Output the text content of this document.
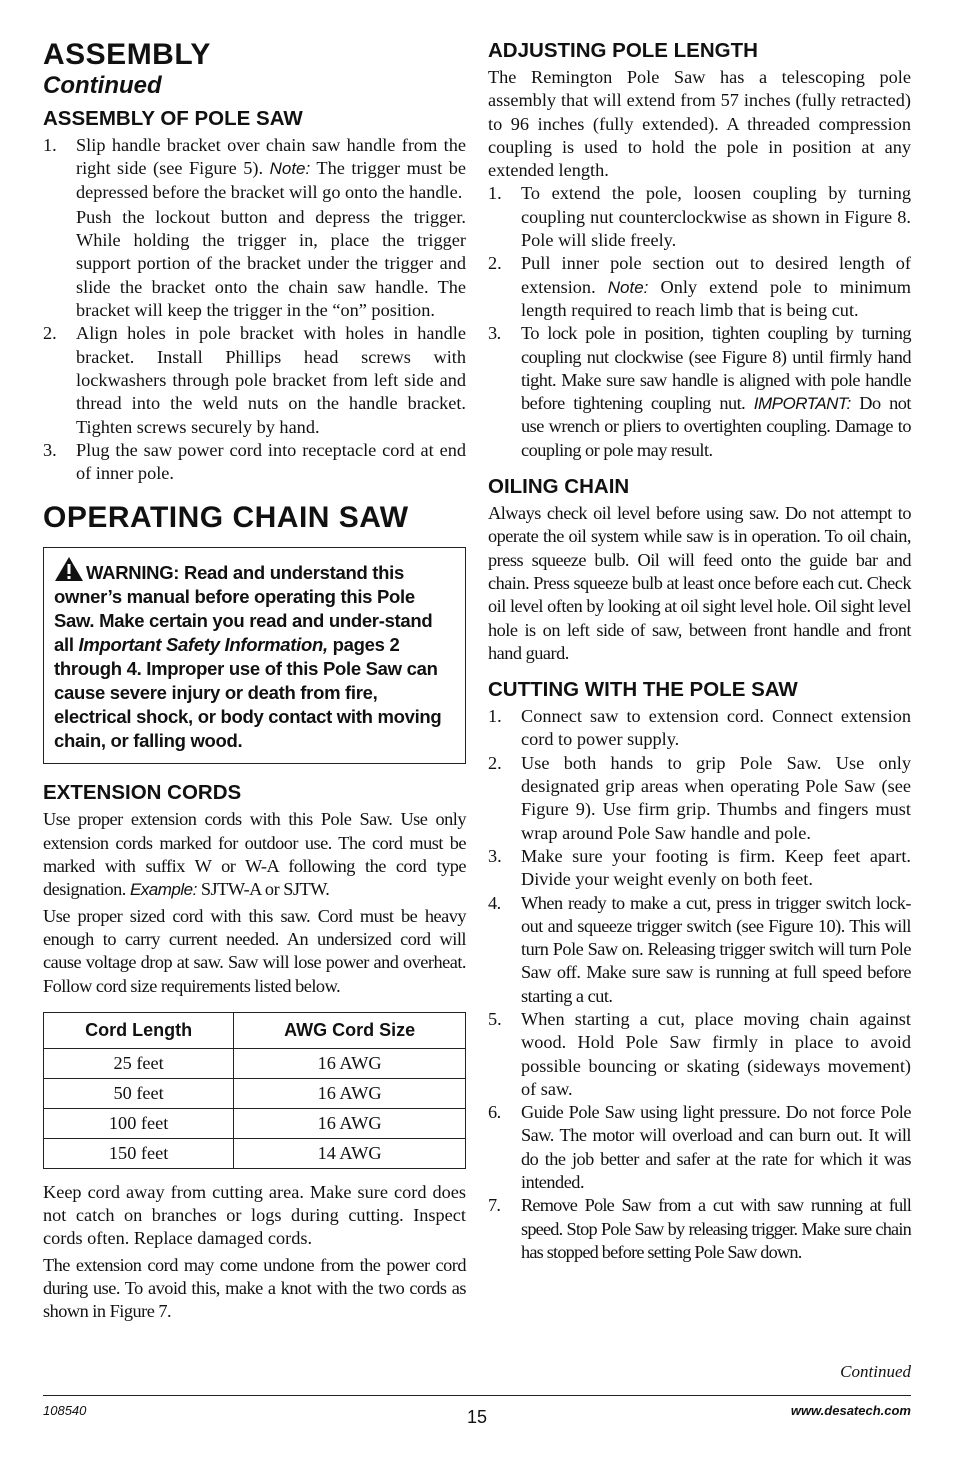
ASSEMBLY
Continued
ASSEMBLY OF POLE SAW
1. Slip handle bracket over chain saw handle from the right side (see Figure 5). Note: The trigger must be depressed before the bracket will go onto the handle.
Push the lockout button and depress the trigger. While holding the trigger in, place the trigger support portion of the bracket under the trigger and slide the bracket onto the chain saw handle. The bracket will keep the trigger in the “on” position.
2. Align holes in pole bracket with holes in handle bracket. Install Phillips head screws with lockwashers through pole bracket from left side and thread into the weld nuts on the handle bracket. Tighten screws securely by hand.
3. Plug the saw power cord into receptacle cord at end of inner pole.
OPERATING CHAIN SAW
WARNING: Read and understand this owner’s manual before operating this Pole Saw. Make certain you read and under-stand all Important Safety Information, pages 2 through 4. Improper use of this Pole Saw can cause severe injury or death from fire, electrical shock, or body contact with moving chain, or falling wood.
EXTENSION CORDS

Use proper extension cords with this Pole Saw. Use only extension cords marked for outdoor use. The cord must be marked with suffix W or W-A following the cord type designation. Example: SJTW-A or SJTW.

Use proper sized cord with this saw. Cord must be heavy enough to carry current needed. An undersized cord will cause voltage drop at saw. Saw will lose power and overheat. Follow cord size requirements listed below.

Cord Length	AWG Cord Size
25 feet	16 AWG
50 feet	16 AWG
100 feet	16 AWG
150 feet	14 AWG

Keep cord away from cutting area. Make sure cord does not catch on branches or logs during cutting. Inspect cords often. Replace damaged cords.

The extension cord may come undone from the power cord during use. To avoid this, make a knot with the two cords as shown in Figure 7.

ADJUSTING POLE LENGTH

The Remington Pole Saw has a telescoping pole assembly that will extend from 57 inches (fully retracted) to 96 inches (fully extended). A threaded compression coupling is used to hold the pole in position at any extended length.

1. To extend the pole, loosen coupling by turning coupling nut counterclockwise as shown in Figure 8. Pole will slide freely.
2. Pull inner pole section out to desired length of extension. Note: Only extend pole to minimum length required to reach limb that is being cut.
3. To lock pole in position, tighten coupling by turning coupling nut clockwise (see Figure 8) until firmly hand tight. Make sure saw handle is aligned with pole handle before tightening coupling nut. IMPORTANT: Do not use wrench or pliers to overtighten coupling. Damage to coupling or pole may result.
OILING CHAIN

Always check oil level before using saw. Do not attempt to operate the oil system while saw is in operation. To oil chain, press squeeze bulb. Oil will feed onto the guide bar and chain. Press squeeze bulb at least once before each cut. Check oil level often by looking at oil sight level hole. Oil sight level hole is on left side of saw, between front handle and front hand guard.

CUTTING WITH THE POLE SAW
1. Connect saw to extension cord. Connect extension cord to power supply.
2. Use both hands to grip Pole Saw. Use only designated grip areas when operating Pole Saw (see Figure 9). Use firm grip. Thumbs and fingers must wrap around Pole Saw handle and pole.
3. Make sure your footing is firm. Keep feet apart. Divide your weight evenly on both feet.
4. When ready to make a cut, press in trigger switch lock-out and squeeze trigger switch (see Figure 10). This will turn Pole Saw on. Releasing trigger switch will turn Pole Saw off. Make sure saw is running at full speed before starting a cut.
5. When starting a cut, place moving chain against wood. Hold Pole Saw firmly in place to avoid possible bouncing or skating (sideways movement) of saw.
6. Guide Pole Saw using light pressure. Do not force Pole Saw. The motor will overload and can burn out. It will do the job better and safer at the rate for which it was intended.
7. Remove Pole Saw from a cut with saw running at full speed. Stop Pole Saw by releasing trigger. Make sure chain has stopped before setting Pole Saw down.
Continued
108540	15	www.desatech.com
